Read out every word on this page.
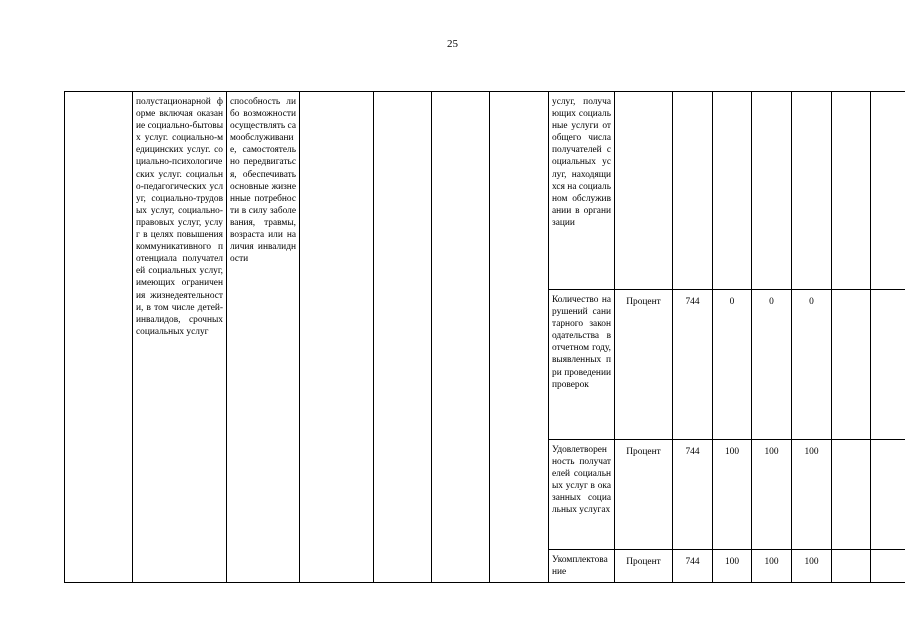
25
	полустационарной форме включая оказание социально-бытовых услуг. социально-медицинских услуг. социально-психологических услуг. социально-педагогических услуг, социально-трудовых услуг, социально-правовых услуг, услуг в целях повышения коммуникативного потенциала получателей социальных услуг, имеющих ограничения жизнедеятельности, в том числе детей-инвалидов, срочных социальных услуг	способность либо возможности осуществлять самообслуживание, самостоятельно передвигаться, обеспечивать основные жизненные потребности в силу заболевания, травмы, возраста или наличия инвалидности					услуг, получающих социальные услуги от общего числа получателей социальных услуг, находящихся на социальном обслуживании в организации							
							Количество нарушений санитарного законодательства в отчетном году, выявленных при проведении проверок	Процент	744	0	0	0		
							Удовлетворенность получателей социальных услуг в оказанных социальных услугах	Процент	744	100	100	100		
							Укомплектование	Процент	744	100	100	100		
